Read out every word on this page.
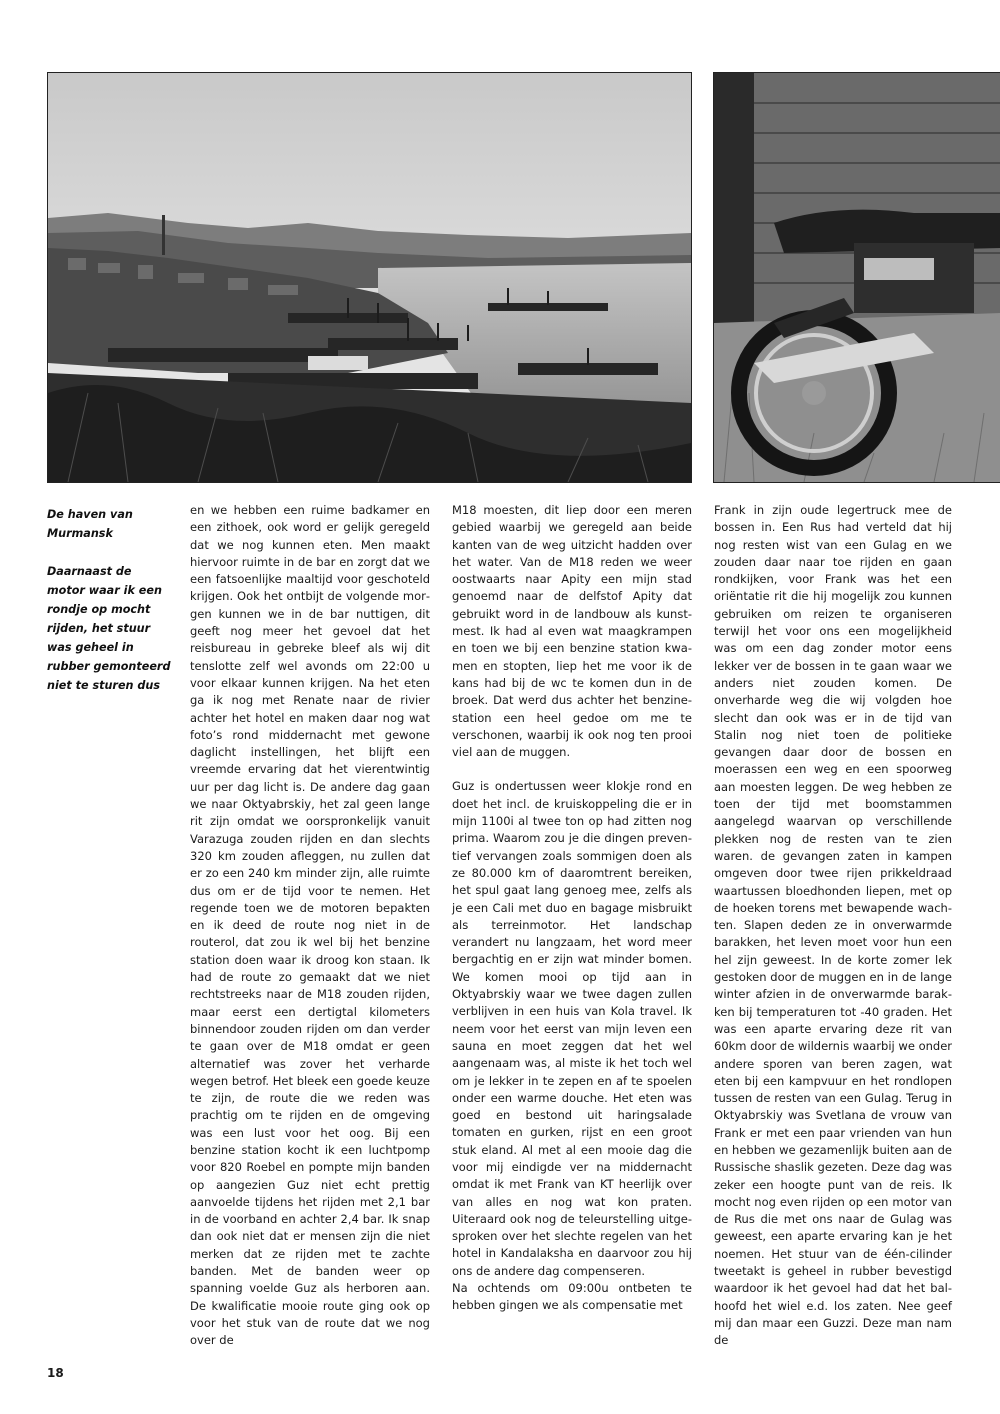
De haven van Murmansk

Daarnaast de motor waar ik een rondje op mocht rijden, het stuur was geheel in rubber gemonteerd niet te sturen dus

en we hebben een ruime badkamer en een zithoek, ook word er gelijk geregeld dat we nog kunnen eten. Men maakt hiervoor ruimte in de bar en zorgt dat we een fatsoenlijke maaltijd voor geschoteld krijgen. Ook het ontbijt de volgende morgen kunnen we in de bar nuttigen, dit geeft nog meer het gevoel dat het reisbureau in gebreke bleef als wij dit tenslotte zelf wel avonds om 22:00 u voor elkaar kunnen krijgen. Na het eten ga ik nog met Renate naar de rivier achter het hotel en maken daar nog wat foto’s rond middernacht met gewone daglicht instellingen, het blijft een vreemde ervaring dat het vierentwintig uur per dag licht is. De andere dag gaan we naar Oktyabrskiy, het zal geen lange rit zijn omdat we oorspronkelijk vanuit Varazuga zouden rijden en dan slechts 320 km zouden afleggen, nu zullen dat er zo een 240 km minder zijn, alle ruimte dus om er de tijd voor te nemen. Het regende toen we de motoren bepakten en ik deed de route nog niet in de routerol, dat zou ik wel bij het benzine station doen waar ik droog kon staan. Ik had de route zo gemaakt dat we niet rechtstreeks naar de M18 zouden rijden, maar eerst een dertigtal kilometers binnendoor zouden rijden om dan verder te gaan over de M18 omdat er geen alternatief was zover het verharde wegen betrof. Het bleek een goede keuze te zijn, de route die we reden was prachtig om te rijden en de omgeving was een lust voor het oog. Bij een benzine station kocht ik een luchtpomp voor 820 Roebel en pompte mijn banden op aangezien Guz niet echt prettig aanvoelde tijdens het rijden met 2,1 bar in de voorband en achter 2,4 bar. Ik snap dan ook niet dat er mensen zijn die niet merken dat ze rijden met te zachte banden. Met de banden weer op spanning voelde Guz als herboren aan. De kwalificatie mooie route ging ook op voor het stuk van de route dat we nog over de

M18 moesten, dit liep door een meren gebied waarbij we geregeld aan beide kanten van de weg uitzicht hadden over het water. Van de M18 reden we weer oostwaarts naar Apity een mijn stad genoemd naar de delfstof Apity dat gebruikt word in de landbouw als kunstmest. Ik had al even wat maagkrampen en toen we bij een benzine station kwamen en stopten, liep het me voor ik de kans had bij de wc te komen dun in de broek. Dat werd dus achter het benzinestation een heel gedoe om me te verschonen, waarbij ik ook nog ten prooi viel aan de muggen.

Guz is ondertussen weer klokje rond en doet het incl. de kruiskoppeling die er in mijn 1100i al twee ton op had zitten nog prima. Waarom zou je die dingen preventief vervangen zoals sommigen doen als ze 80.000 km of daaromtrent bereiken, het spul gaat lang genoeg mee, zelfs als je een Cali met duo en bagage misbruikt als terreinmotor. Het landschap verandert nu langzaam, het word meer bergachtig en er zijn wat minder bomen. We komen mooi op tijd aan in Oktyabrskiy waar we twee dagen zullen verblijven in een huis van Kola travel. Ik neem voor het eerst van mijn leven een sauna en moet zeggen dat het wel aangenaam was, al miste ik het toch wel om je lekker in te zepen en af te spoelen onder een warme douche. Het eten was goed en bestond uit haringsalade tomaten en gurken, rijst en een groot stuk eland. Al met al een mooie dag die voor mij eindigde ver na middernacht omdat ik met Frank van KT heerlijk over van alles en nog wat kon praten. Uiteraard ook nog de teleurstelling uitgesproken over het slechte regelen van het hotel in Kandalaksha en daarvoor zou hij ons de andere dag compenseren.

Na ochtends om 09:00u ontbeten te hebben gingen we als compensatie met

Frank in zijn oude legertruck mee de bossen in. Een Rus had verteld dat hij nog resten wist van een Gulag en we zouden daar naar toe rijden en gaan rondkijken, voor Frank was het een oriëntatie rit die hij mogelijk zou kunnen gebruiken om reizen te organiseren terwijl het voor ons een mogelijkheid was om een dag zonder motor eens lekker ver de bossen in te gaan waar we anders niet zouden komen. De onverharde weg die wij volgden hoe slecht dan ook was er in de tijd van Stalin nog niet toen de politieke gevangen daar door de bossen en moerassen een weg en een spoorweg aan moesten leggen. De weg hebben ze toen der tijd met boomstammen aangelegd waarvan op verschillende plekken nog de resten van te zien waren. de gevangen zaten in kampen omgeven door twee rijen prikkeldraad waartussen bloedhonden liepen, met op de hoeken torens met bewapende wachten. Slapen deden ze in onverwarmde barakken, het leven moet voor hun een hel zijn geweest. In de korte zomer lek gestoken door de muggen en in de lange winter afzien in de onverwarmde barakken bij temperaturen tot -40 graden. Het was een aparte ervaring deze rit van 60km door de wildernis waarbij we onder andere sporen van beren zagen, wat eten bij een kampvuur en het rondlopen tussen de resten van een Gulag. Terug in Oktyabrskiy was Svetlana de vrouw van Frank er met een paar vrienden van hun en hebben we gezamenlijk buiten aan de Russische shaslik gezeten. Deze dag was zeker een hoogte punt van de reis. Ik mocht nog even rijden op een motor van de Rus die met ons naar de Gulag was geweest, een aparte ervaring kan je het noemen. Het stuur van de één-cilinder tweetakt is geheel in rubber bevestigd waardoor ik het gevoel had dat het balhoofd het wiel e.d. los zaten. Nee geef mij dan maar een Guzzi. Deze man nam de

18
